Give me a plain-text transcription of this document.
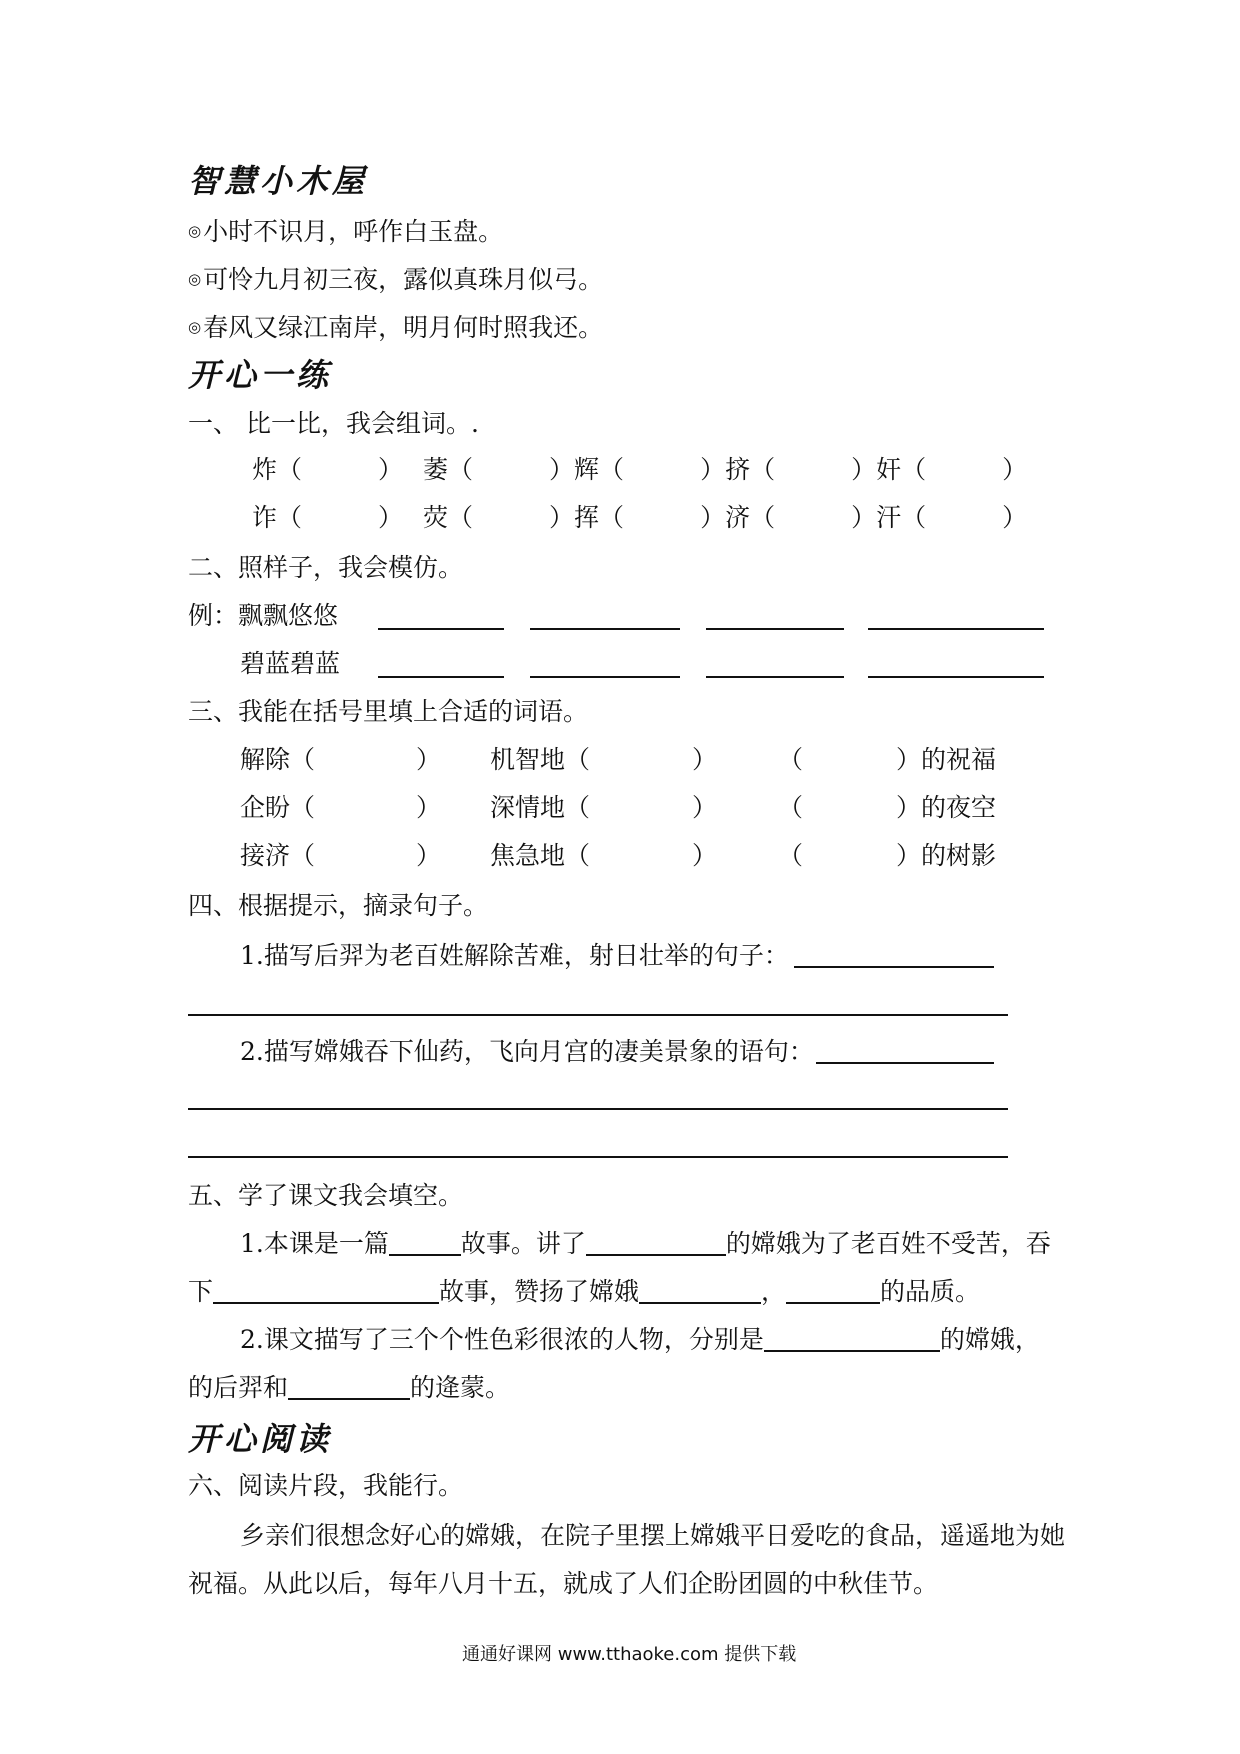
智慧小木屋
◎小时不识月，呼作白玉盘。
◎可怜九月初三夜，露似真珠月似弓。
◎春风又绿江南岸，明月何时照我还。
开心一练
一、 比一比，我会组词。.
炸（	） 萎（	）辉（	）挤（	）奸（	）
诈（	） 荧（	）挥（	）济（	）汗（	）
二、照样子，我会模仿。
例：飘飘悠悠
碧蓝碧蓝
三、我能在括号里填上合适的词语。
解除（	） 机智地（	） （	）的祝福
企盼（	） 深情地（	） （	）的夜空
接济（	） 焦急地（	） （	）的树影
四、根据提示，摘录句子。
1.描写后羿为老百姓解除苦难，射日壮举的句子：
2.描写嫦娥吞下仙药，飞向月宫的凄美景象的语句：
五、学了课文我会填空。
1.本课是一篇	故事。讲了	的嫦娥为了老百姓不受苦，吞
下	故事，赞扬了嫦娥	，	的品质。
2.课文描写了三个个性色彩很浓的人物，分别是	的嫦娥，
的后羿和	的逄蒙。
开心阅读
六、阅读片段，我能行。
乡亲们很想念好心的嫦娥，在院子里摆上嫦娥平日爱吃的食品，遥遥地为她
祝福。从此以后，每年八月十五，就成了人们企盼团圆的中秋佳节。
通通好课网 www.tthaoke.com 提供下载
